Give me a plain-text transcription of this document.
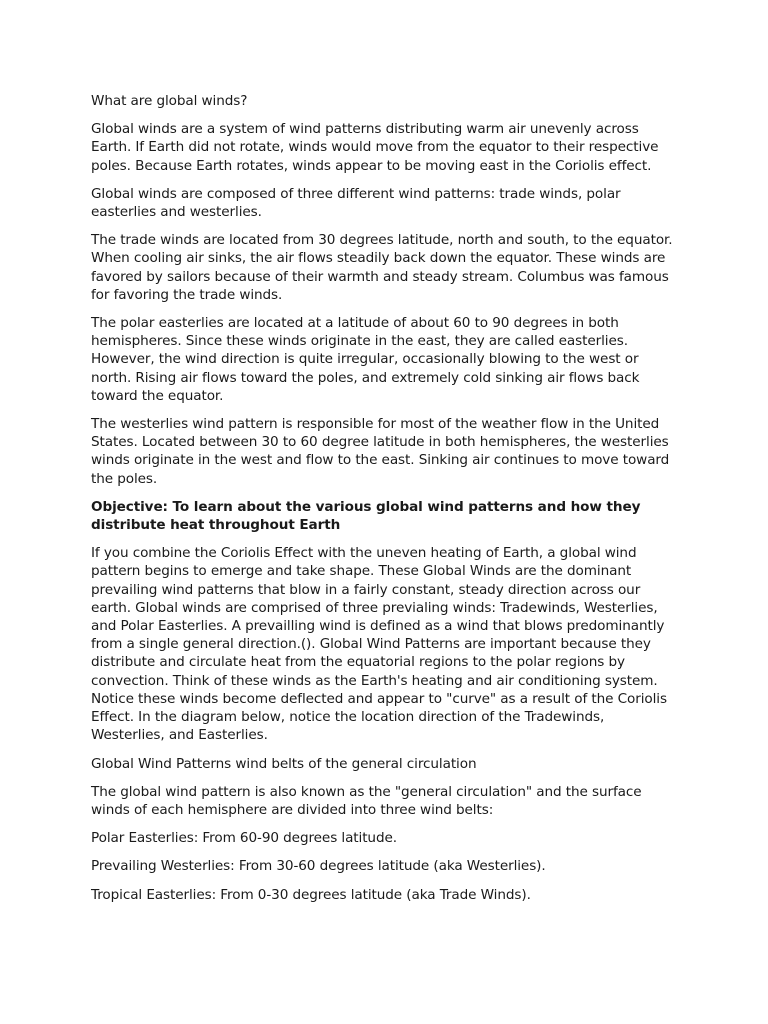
What are global winds?

Global winds are a system of wind patterns distributing warm air unevenly across Earth. If Earth did not rotate, winds would move from the equator to their respective poles. Because Earth rotates, winds appear to be moving east in the Coriolis effect.

Global winds are composed of three different wind patterns: trade winds, polar easterlies and westerlies.

The trade winds are located from 30 degrees latitude, north and south, to the equator. When cooling air sinks, the air flows steadily back down the equator. These winds are favored by sailors because of their warmth and steady stream. Columbus was famous for favoring the trade winds.

The polar easterlies are located at a latitude of about 60 to 90 degrees in both hemispheres. Since these winds originate in the east, they are called easterlies. However, the wind direction is quite irregular, occasionally blowing to the west or north. Rising air flows toward the poles, and extremely cold sinking air flows back toward the equator.

The westerlies wind pattern is responsible for most of the weather flow in the United States. Located between 30 to 60 degree latitude in both hemispheres, the westerlies winds originate in the west and flow to the east. Sinking air continues to move toward the poles.

Objective: To learn about the various global wind patterns and how they distribute heat throughout Earth

If you combine the Coriolis Effect with the uneven heating of Earth, a global wind pattern begins to emerge and take shape. These Global Winds are the dominant prevailing wind patterns that blow in a fairly constant, steady direction across our earth. Global winds are comprised of three previaling winds: Tradewinds, Westerlies, and Polar Easterlies. A prevailling wind is defined as a wind that blows predominantly from a single general direction.(). Global Wind Patterns are important because they distribute and circulate heat from the equatorial regions to the polar regions by convection. Think of these winds as the Earth's heating and air conditioning system. Notice these winds become deflected and appear to "curve" as a result of the Coriolis Effect. In the diagram below, notice the location direction of the Tradewinds, Westerlies, and Easterlies.

Global Wind Patterns wind belts of the general circulation

The global wind pattern is also known as the "general circulation" and the surface winds of each hemisphere are divided into three wind belts:

Polar Easterlies: From 60-90 degrees latitude.

Prevailing Westerlies: From 30-60 degrees latitude (aka Westerlies).

Tropical Easterlies: From 0-30 degrees latitude (aka Trade Winds).
